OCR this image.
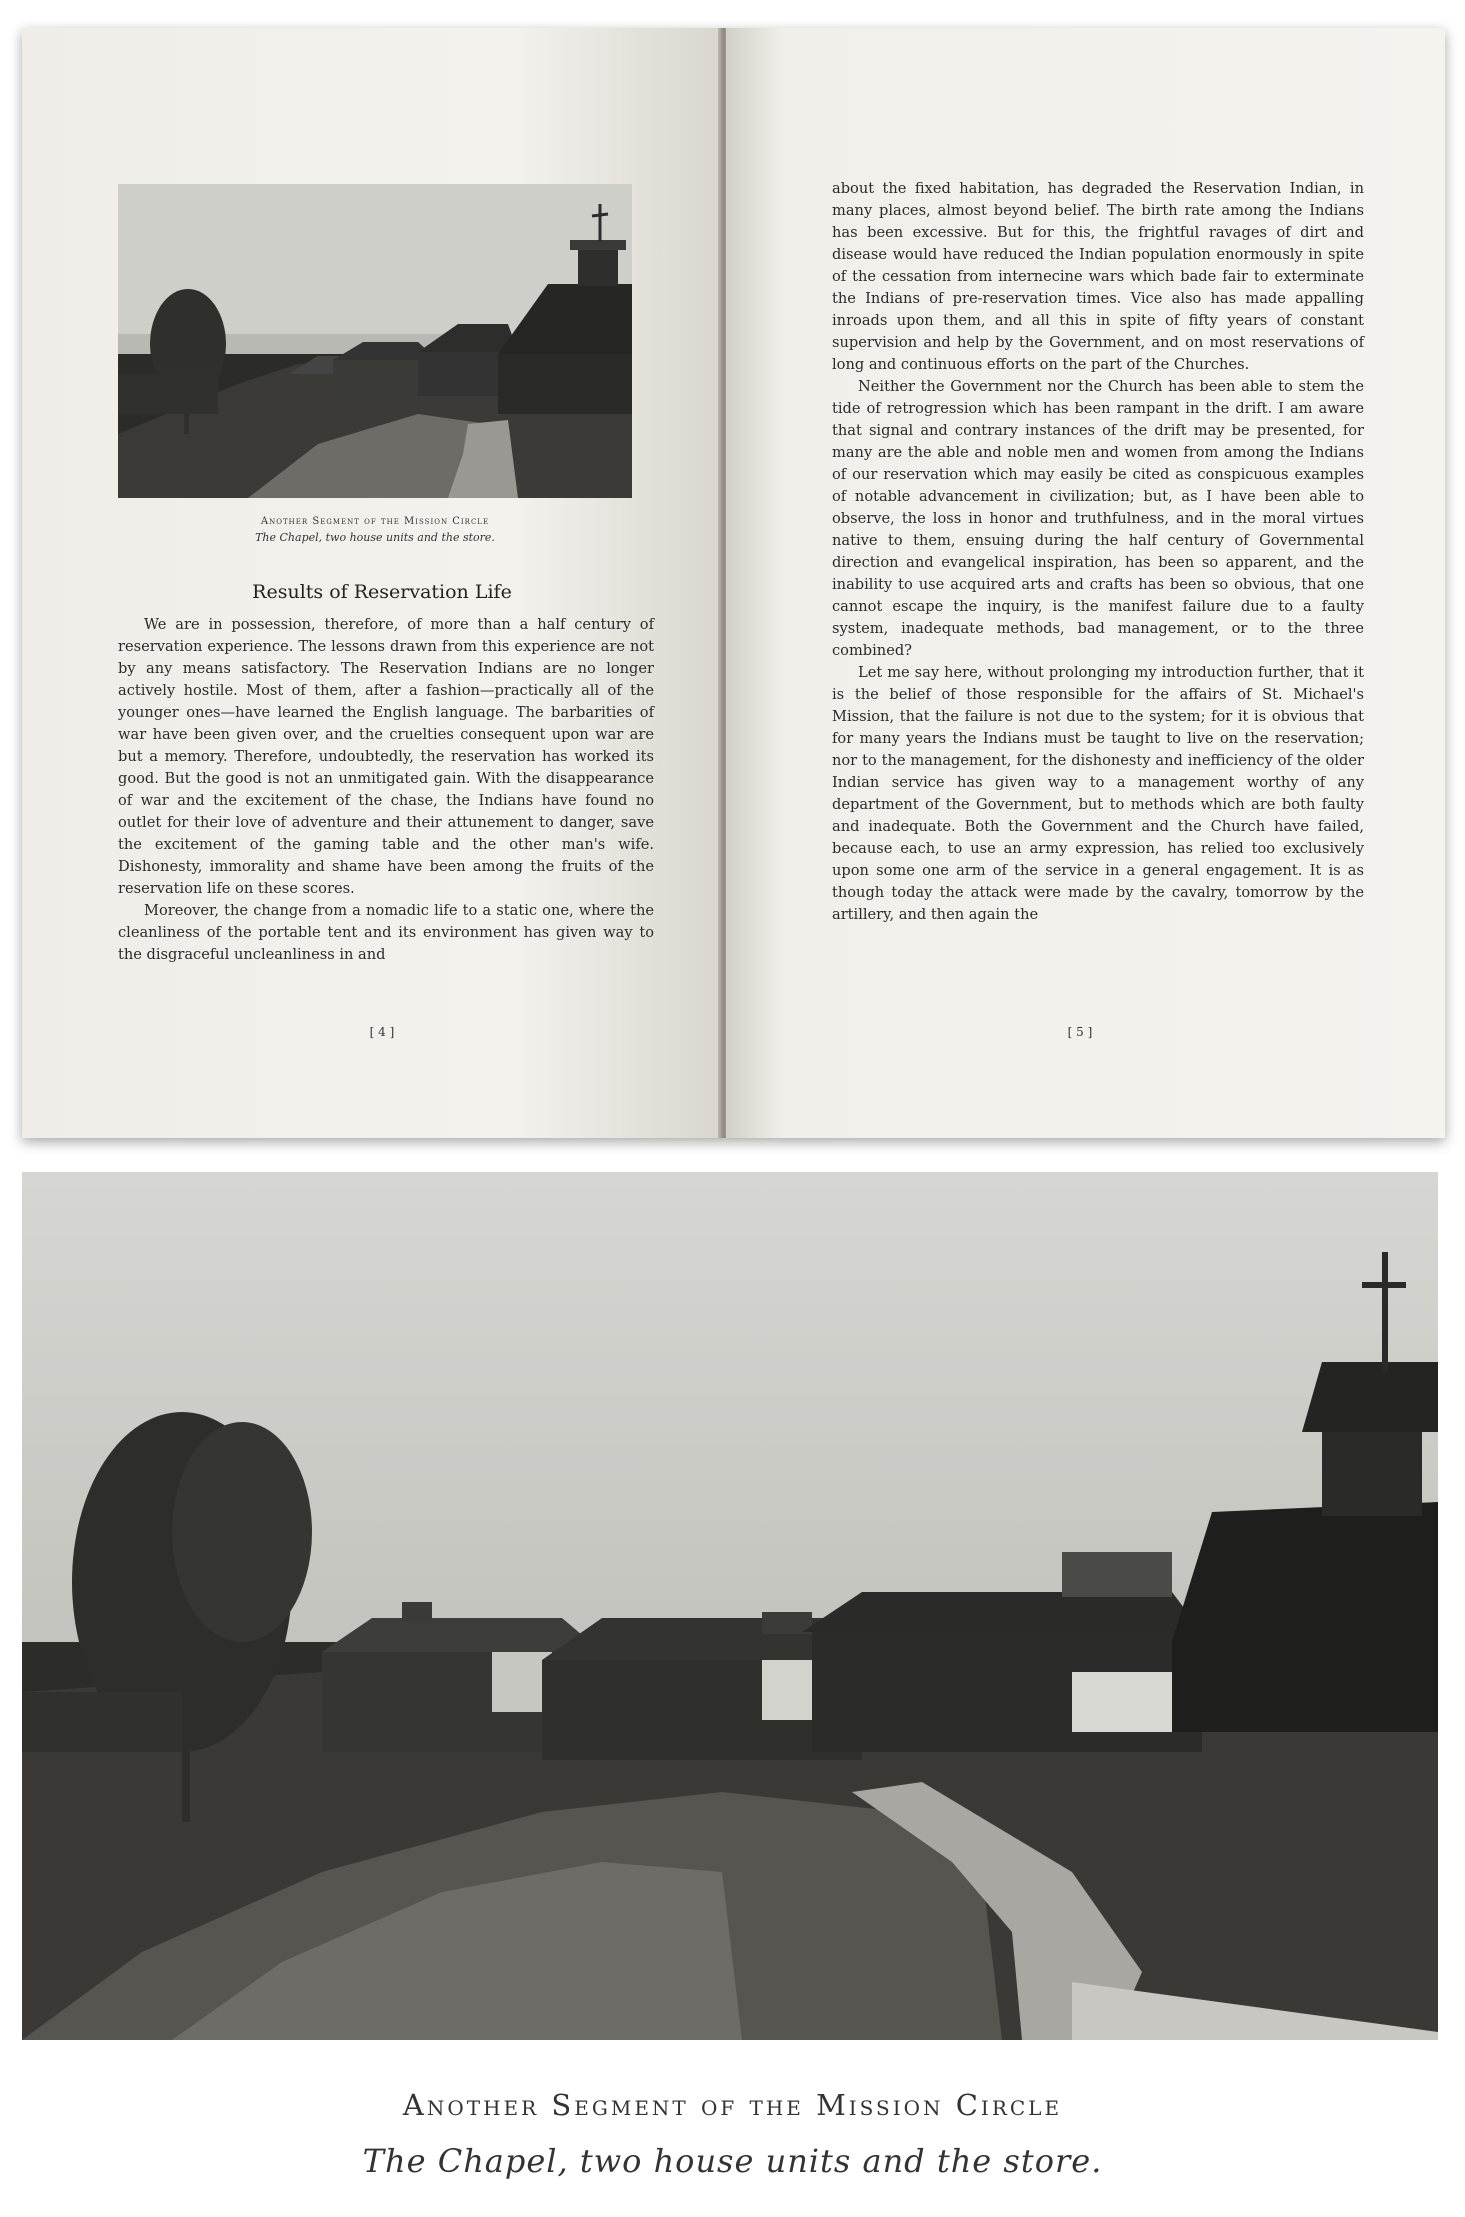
Another Segment of the Mission Circle
The Chapel, two house units and the store.
Results of Reservation Life

We are in possession, therefore, of more than a half century of reservation experience. The lessons drawn from this experience are not by any means satisfactory. The Reservation Indians are no longer actively hostile. Most of them, after a fashion—practically all of the younger ones—have learned the English language. The barbarities of war have been given over, and the cruelties consequent upon war are but a memory. Therefore, undoubtedly, the reservation has worked its good. But the good is not an unmitigated gain. With the disappearance of war and the excitement of the chase, the Indians have found no outlet for their love of adventure and their attunement to danger, save the excitement of the gaming table and the other man's wife. Dishonesty, immorality and shame have been among the fruits of the reservation life on these scores.

Moreover, the change from a nomadic life to a static one, where the cleanliness of the portable tent and its environment has given way to the disgraceful uncleanliness in and

[ 4 ]

about the fixed habitation, has degraded the Reservation Indian, in many places, almost beyond belief. The birth rate among the Indians has been excessive. But for this, the frightful ravages of dirt and disease would have reduced the Indian population enormously in spite of the cessation from internecine wars which bade fair to exterminate the Indians of pre-reservation times. Vice also has made appalling inroads upon them, and all this in spite of fifty years of constant supervision and help by the Government, and on most reservations of long and continuous efforts on the part of the Churches.

Neither the Government nor the Church has been able to stem the tide of retrogression which has been rampant in the drift. I am aware that signal and contrary instances of the drift may be presented, for many are the able and noble men and women from among the Indians of our reservation which may easily be cited as conspicuous examples of notable advancement in civilization; but, as I have been able to observe, the loss in honor and truthfulness, and in the moral virtues native to them, ensuing during the half century of Governmental direction and evangelical inspiration, has been so apparent, and the inability to use acquired arts and crafts has been so obvious, that one cannot escape the inquiry, is the manifest failure due to a faulty system, inadequate methods, bad management, or to the three combined?

Let me say here, without prolonging my introduction further, that it is the belief of those responsible for the affairs of St. Michael's Mission, that the failure is not due to the system; for it is obvious that for many years the Indians must be taught to live on the reservation; nor to the management, for the dishonesty and inefficiency of the older Indian service has given way to a management worthy of any department of the Government, but to methods which are both faulty and inadequate. Both the Government and the Church have failed, because each, to use an army expression, has relied too exclusively upon some one arm of the service in a general engagement. It is as though today the attack were made by the cavalry, tomorrow by the artillery, and then again the

[ 5 ]
Another Segment of the Mission Circle
The Chapel, two house units and the store.
